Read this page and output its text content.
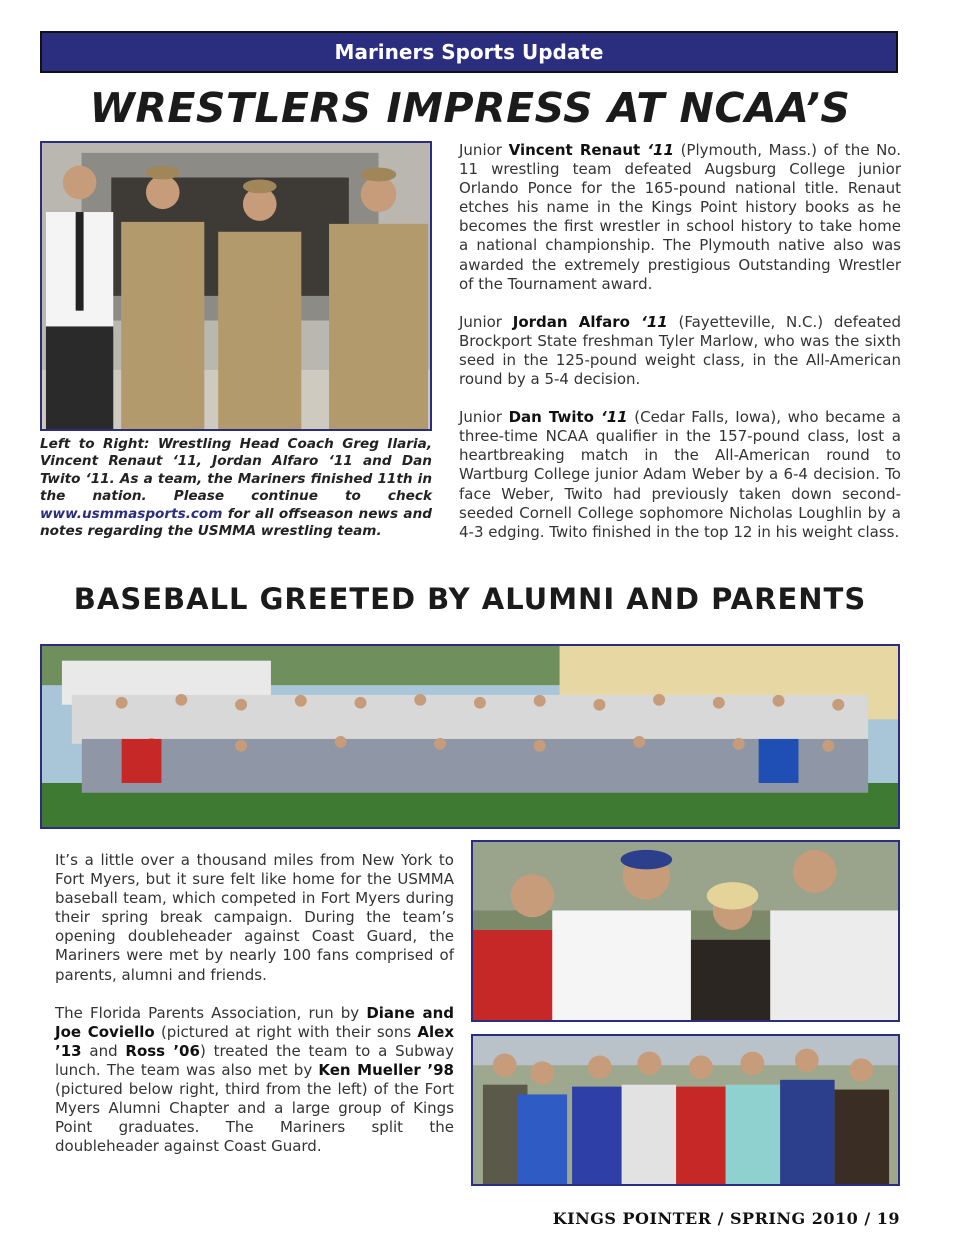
Mariners Sports Update
WRESTLERS IMPRESS AT NCAA’S
Left to Right: Wrestling Head Coach Greg Ilaria, Vincent Renaut ‘11, Jordan Alfaro ‘11 and Dan Twito ‘11. As a team, the Mariners finished 11th in the nation. Please continue to check www.usmmasports.com for all offseason news and notes regarding the USMMA wrestling team.

Junior Vincent Renaut ‘11 (Plymouth, Mass.) of the No. 11 wrestling team defeated Augsburg College junior Orlando Ponce for the 165-pound national title. Renaut etches his name in the Kings Point history books as he becomes the first wrestler in school history to take home a national championship. The Plymouth native also was awarded the extremely prestigious Outstanding Wrestler of the Tournament award.

Junior Jordan Alfaro ‘11 (Fayetteville, N.C.) defeated Brockport State freshman Tyler Marlow, who was the sixth seed in the 125-pound weight class, in the All-American round by a 5-4 decision.

Junior Dan Twito ‘11 (Cedar Falls, Iowa), who became a three-time NCAA qualifier in the 157-pound class, lost a heartbreaking match in the All-American round to Wartburg College junior Adam Weber by a 6-4 decision. To face Weber, Twito had previously taken down second-seeded Cornell College sophomore Nicholas Loughlin by a 4-3 edging. Twito finished in the top 12 in his weight class.

BASEBALL GREETED BY ALUMNI AND PARENTS

It’s a little over a thousand miles from New York to Fort Myers, but it sure felt like home for the USMMA baseball team, which competed in Fort Myers during their spring break campaign. During the team’s opening doubleheader against Coast Guard, the Mariners were met by nearly 100 fans comprised of parents, alumni and friends.

The Florida Parents Association, run by Diane and Joe Coviello (pictured at right with their sons Alex ’13 and Ross ’06) treated the team to a Subway lunch. The team was also met by Ken Mueller ’98 (pictured below right, third from the left) of the Fort Myers Alumni Chapter and a large group of Kings Point graduates. The Mariners split the doubleheader against Coast Guard.

KINGS POINTER / SPRING 2010 / 19
